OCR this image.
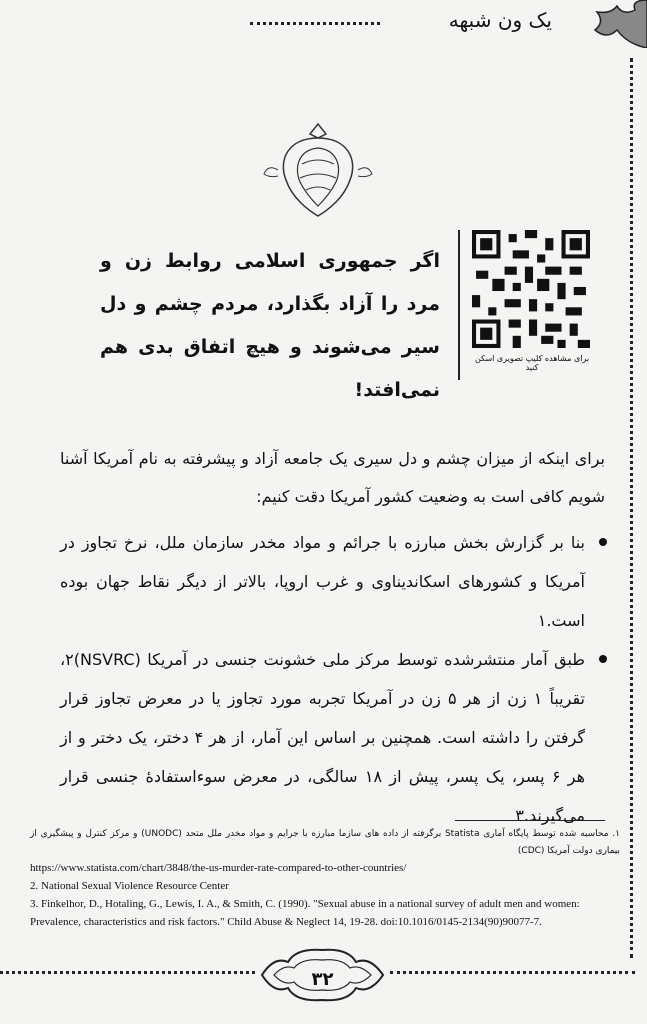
یک ون شبهه
برای مشاهده کلیپ تصویری اسکن کنید
اگر جمهوری اسلامی روابط زن و مرد را آزاد بگذارد، مردم چشم و دل سیر می‌شوند و هیچ اتفاق بدی هم نمی‌افتد!
برای اینکه از میزان چشم و دل سیری یک جامعه آزاد و پیشرفته به نام آمریکا آشنا شویم کافی است به وضعیت کشور آمریکا دقت کنیم:
بنا بر گزارش بخش مبارزه با جرائم و مواد مخدر سازمان ملل، نرخ تجاوز در آمریکا و کشورهای اسکاندیناوی و غرب اروپا، بالاتر از دیگر نقاط جهان بوده است.۱
طبق آمار منتشرشده توسط مرکز ملی خشونت جنسی در آمریکا (NSVRC)۲، تقریباً ۱ زن از هر ۵ زن در آمریکا تجربه مورد تجاوز یا در معرض تجاوز قرار گرفتن را داشته است. همچنین بر اساس این آمار، از هر ۴ دختر، یک دختر و از هر ۶ پسر، یک پسر، پیش از ۱۸ سالگی، در معرض سوءاستفادهٔ جنسی قرار می‌گیرند.۳
۱. محاسبه شده توسط پایگاه آماری Statista برگرفته از داده های سازما مبارزه با جرایم و مواد مخدر ملل متحد (UNODC) و مرکز کنترل و پیشگیری از بیماری دولت آمریکا (CDC)
https://www.statista.com/chart/3848/the-us-murder-rate-compared-to-other-countries/
2. National Sexual Violence Resource Center
3. Finkelhor, D., Hotaling, G., Lewis, I. A., & Smith, C. (1990). "Sexual abuse in a national survey of adult men and women: Prevalence, characteristics and risk factors." Child Abuse & Neglect 14, 19-28. doi:10.1016/0145-2134(90)90077-7.
۳۲
